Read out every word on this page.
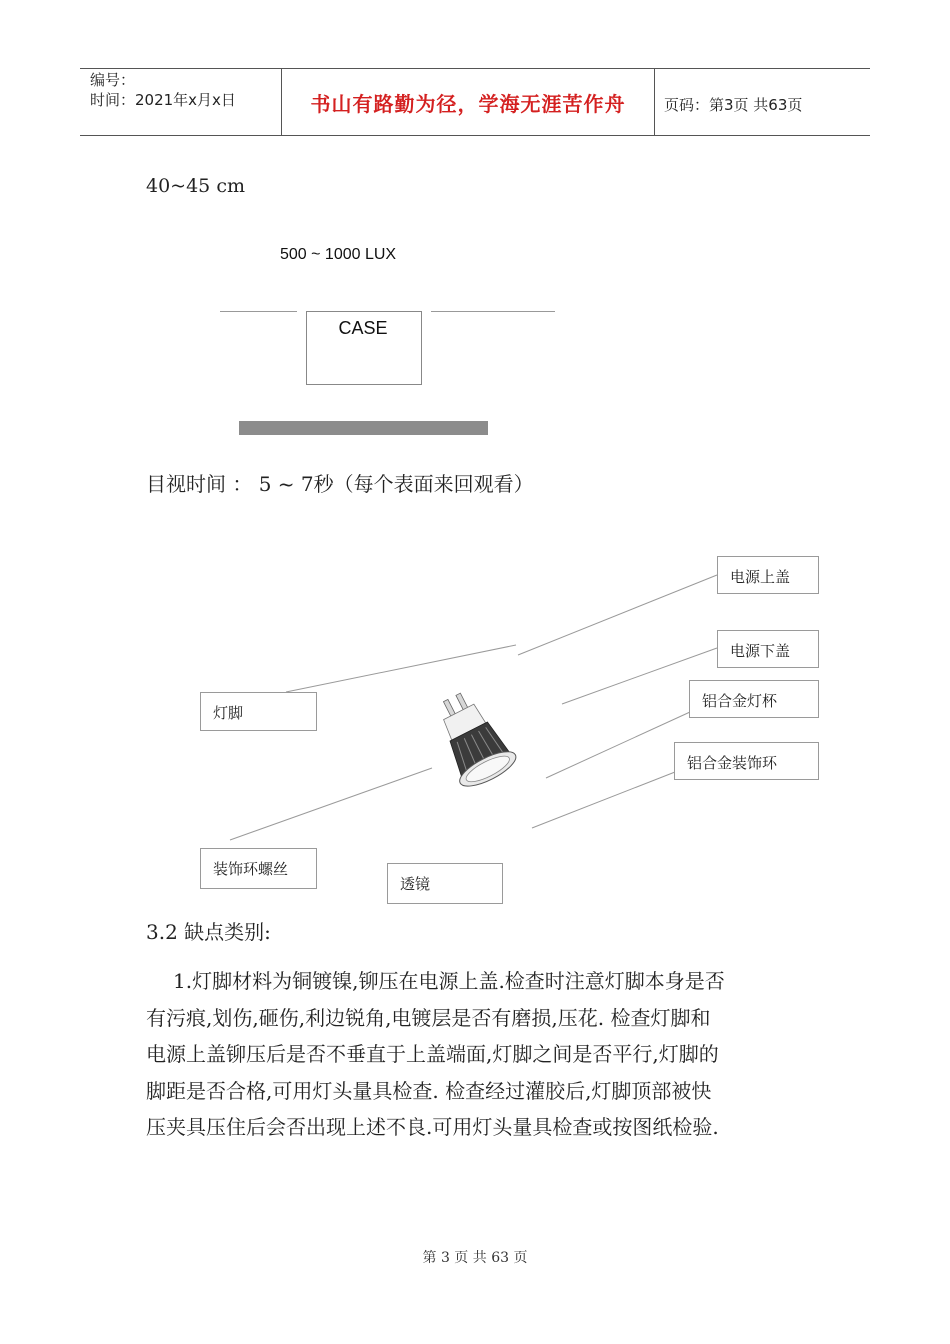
编号：
时间：2021年x月x日	书山有路勤为径，学海无涯苦作舟	页码：第3页 共63页
40~45 cm
500 ~ 1000 LUX
CASE
目视时间 ： 5 ~ 7秒（每个表面来回观看）
电源上盖
电源下盖
铝合金灯杯
铝合金装饰环
灯脚
装饰环螺丝
透镜
3.2 缺点类别:
1.灯脚材料为铜镀镍,铆压在电源上盖.检查时注意灯脚本身是否
有污痕,划伤,砸伤,利边锐角,电镀层是否有磨损,压花. 检查灯脚和
电源上盖铆压后是否不垂直于上盖端面,灯脚之间是否平行,灯脚的
脚距是否合格,可用灯头量具检查. 检查经过灌胶后,灯脚顶部被快
压夹具压住后会否出现上述不良.可用灯头量具检查或按图纸检验.
第 3 页 共 63 页
